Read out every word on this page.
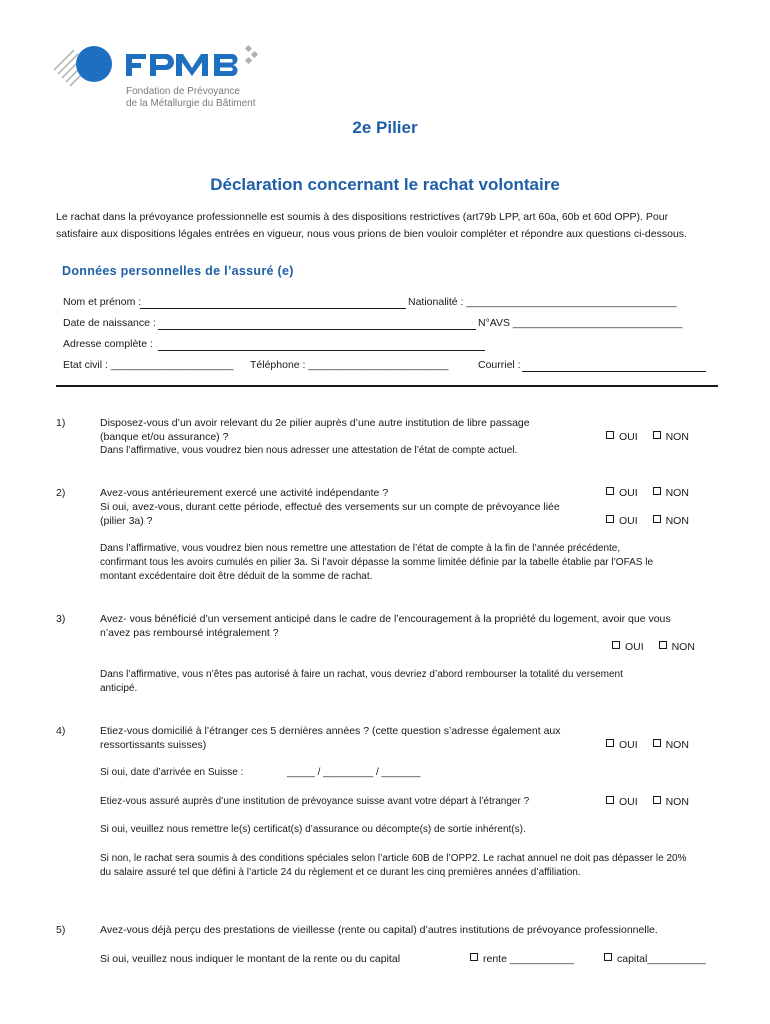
Fondation de Prévoyance
de la Métallurgie du Bâtiment
2e Pilier
Déclaration concernant le rachat volontaire
Le rachat dans la prévoyance professionnelle est soumis à des dispositions restrictives (art79b LPP, art 60a, 60b et 60d OPP). Pour
satisfaire aux dispositions légales entrées en vigueur, nous vous prions de bien vouloir compléter et répondre aux questions ci-dessous.
Données personnelles de l’assuré (e)
Nom et prénom :	Nationalité : ____________________________________
Date de naissance :	N°AVS _____________________________
Adresse complète :
Etat civil : _____________________ Téléphone : ________________________	Courriel :
1)	Disposez-vous d’un avoir relevant du 2e pilier auprès d’une autre institution de libre passage
(banque et/ou assurance) ?
Dans l’affirmative, vous voudrez bien nous adresser une attestation de l’état de compte actuel.
OUI	NON
2)	Avez-vous antérieurement exercé une activité indépendante ?
Si oui, avez-vous, durant cette période, effectué des versements sur un compte de prévoyance liée
(pilier 3a) ?
OUI	NON
OUI	NON
Dans l’affirmative, vous voudrez bien nous remettre une attestation de l’état de compte à la fin de l’année précédente,
confirmant tous les avoirs cumulés en pilier 3a. Si l’avoir dépasse la somme limitée définie par la tabelle établie par l’OFAS le
montant excédentaire doit être déduit de la somme de rachat.
3)	Avez- vous bénéficié d’un versement anticipé dans le cadre de l’encouragement à la propriété du logement, avoir que vous
n’avez pas remboursé intégralement ?
OUI	NON
Dans l’affirmative, vous n’êtes pas autorisé à faire un rachat, vous devriez d’abord rembourser la totalité du versement
anticipé.
4)	Etiez-vous domicilié à l’étranger ces 5 dernières années ? (cette question s’adresse également aux
ressortissants suisses)	OUI	NON
Si oui, date d’arrivée en Suisse :	_____ / _________ / _______
Etiez-vous assuré auprès d’une institution de prévoyance suisse avant votre départ à l’étranger ?	OUI	NON
Si oui, veuillez nous remettre le(s) certificat(s) d’assurance ou décompte(s) de sortie inhérent(s).
Si non, le rachat sera soumis à des conditions spéciales selon l’article 60B de l’OPP2. Le rachat annuel ne doit pas dépasser le 20%
du salaire assuré tel que défini à l’article 24 du règlement et ce durant les cinq premières années d’affiliation.
5)	Avez-vous déjà perçu des prestations de vieillesse (rente ou capital) d’autres institutions de prévoyance professionnelle.
Si oui, veuillez nous indiquer le montant de la rente ou du capital	rente ___________	capital__________
